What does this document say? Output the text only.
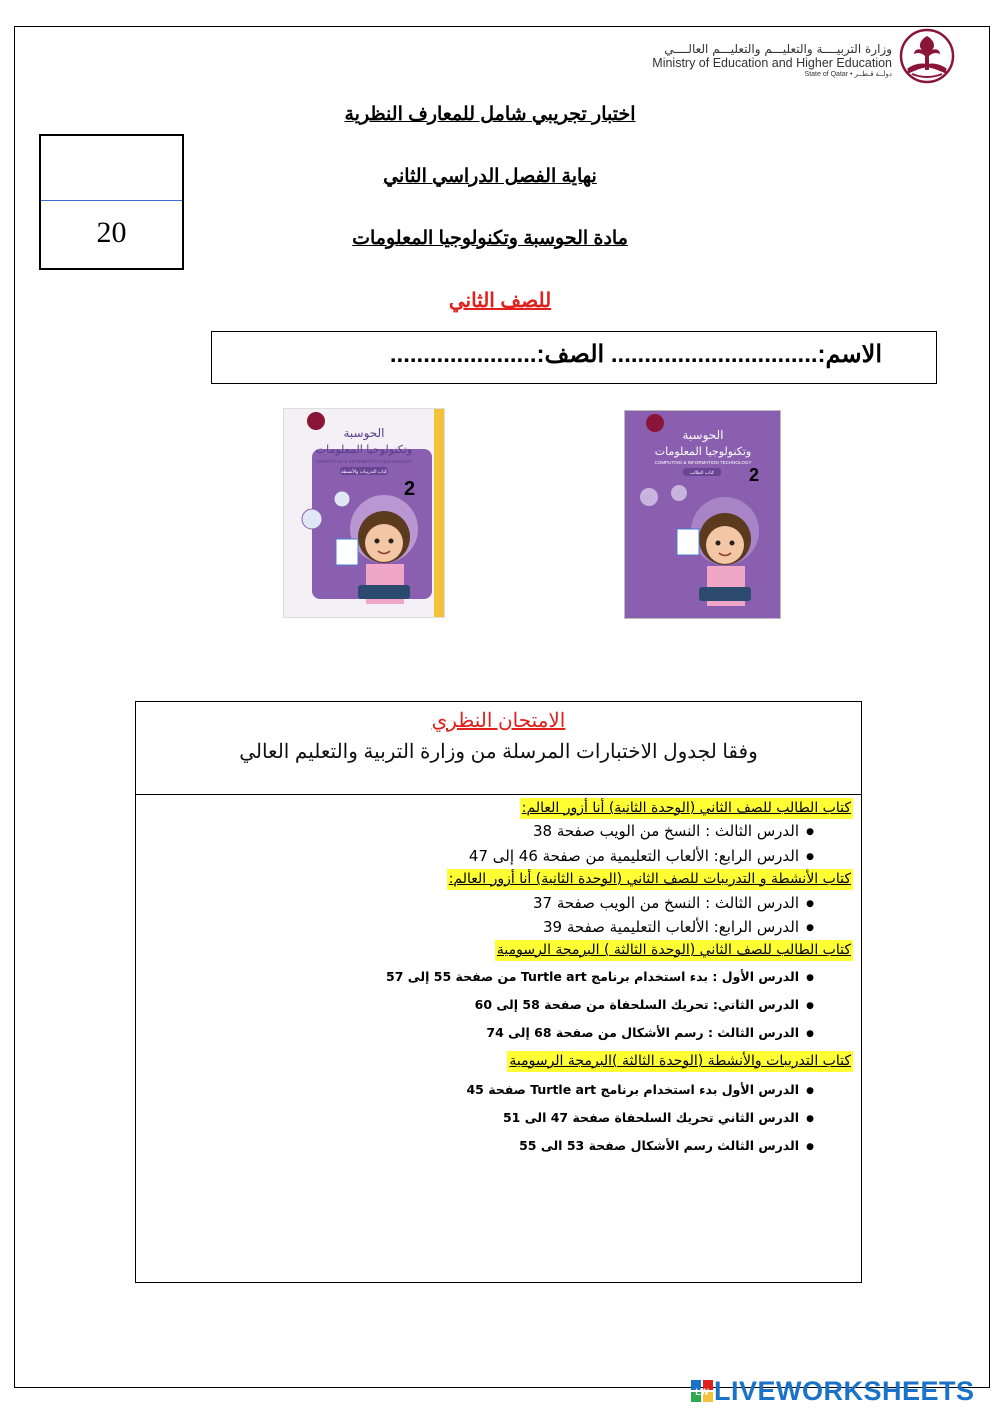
وزارة التربيــــة والتعليـــم والتعليـــم العالــــي
Ministry of Education and Higher Education
State of Qatar • دولــة قـطــر
20
اختبار تجريبي شامل للمعارف النظرية
نهاية الفصل الدراسي الثاني
مادة الحوسبة وتكنولوجيا المعلومات
للصف الثاني
الاسم:............................... الصف:......................
2
الحوسبة
وتكنولوجيا المعلومات
COMPUTING & INFORMATION TECHNOLOGY
كتاب التدريبات والأنشطة	2
الحوسبة
وتكنولوجيا المعلومات
COMPUTING & INFORMATION TECHNOLOGY
كتاب الطالب
الامتحان النظري
وفقا لجدول الاختبارات المرسلة من وزارة التربية والتعليم العالي
كتاب الطالب للصف الثاني (الوحدة الثانية) أنا أزور العالم:
●الدرس الثالث : النسخ من الويب صفحة 38
●الدرس الرابع: الألعاب التعليمية من صفحة 46 إلى 47
كتاب الأنشطة و التدريبات للصف الثاني (الوحدة الثانية) أنا أزور العالم:
●الدرس الثالث : النسخ من الويب صفحة 37
●الدرس الرابع: الألعاب التعليمية صفحة 39
كتاب الطالب للصف الثاني (الوحدة الثالثة ) البرمجة الرسومية
●الدرس الأول : بدء استخدام برنامج Turtle art من صفحة 55 إلى 57
●الدرس الثاني: تحريك السلحفاة من صفحة 58 إلى 60
●الدرس الثالث : رسم الأشكال من صفحة 68 إلى 74
كتاب التدريبات والأنشطة (الوحدة الثالثة )البرمجة الرسومية
●الدرس الأول بدء استخدام برنامج Turtle art صفحة 45
●الدرس الثاني تحريك السلحفاة صفحة 47 الى 51
●الدرس الثالث رسم الأشكال صفحة 53 الى 55
LW LIVEWORKSHEETS
